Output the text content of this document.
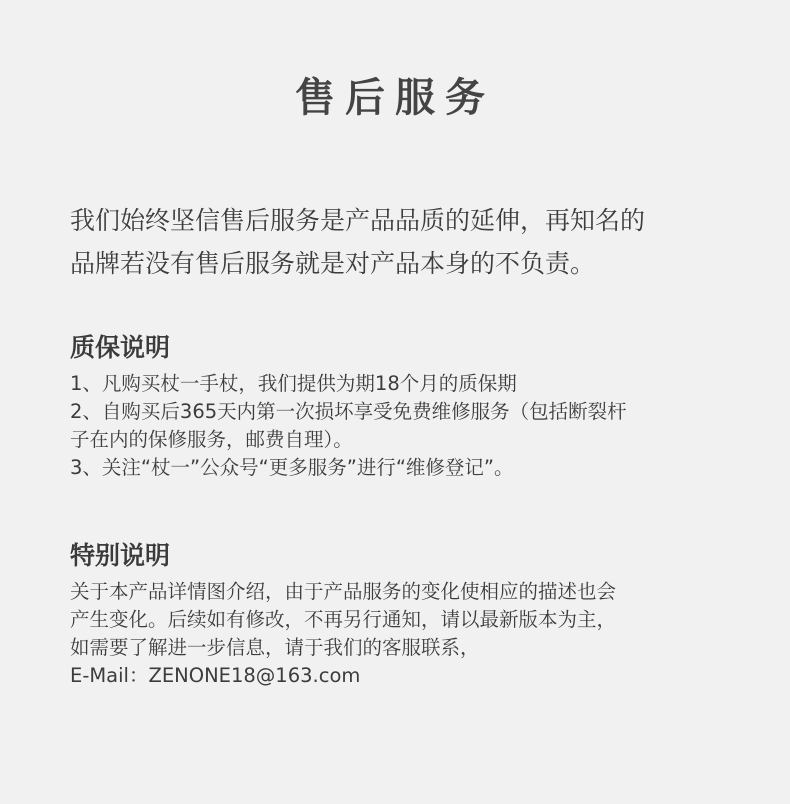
售后服务

我们始终坚信售后服务是产品品质的延伸，再知名的

品牌若没有售后服务就是对产品本身的不负责。

质保说明

1、凡购买杖一手杖，我们提供为期18个月的质保期

2、自购买后365天内第一次损坏享受免费维修服务（包括断裂杆

子在内的保修服务，邮费自理）。

3、关注“杖一”公众号“更多服务”进行“维修登记”。

特别说明

关于本产品详情图介绍，由于产品服务的变化使相应的描述也会

产生变化。后续如有修改，不再另行通知，请以最新版本为主，

如需要了解进一步信息，请于我们的客服联系，

E-Mail：ZENONE18@163.com
